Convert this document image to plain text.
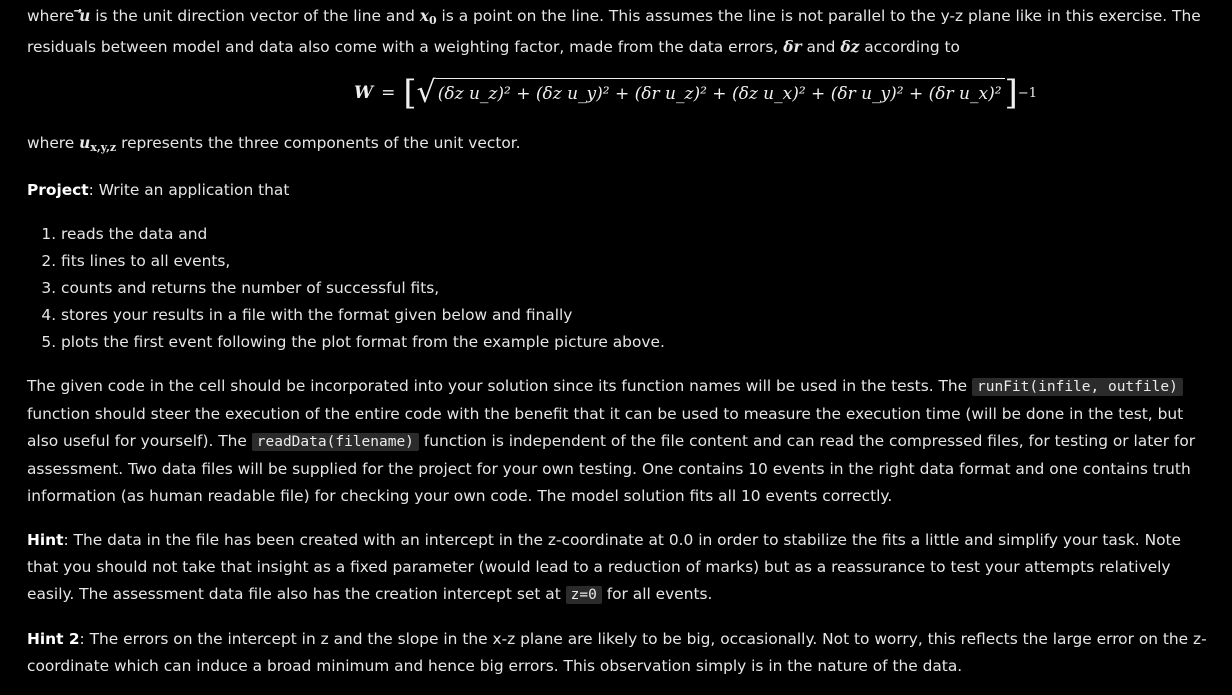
where u is the unit direction vector of the line and $x_0$ is a point on the line. This assumes the line is not parallel to the y-z plane like in this exercise. The

residuals between model and data also come with a weighting factor, made from the data errors, δr and δz according to

W = [ √ (δz u_z)² + (δz u_y)² + (δr u_z)² + (δz u_x)² + (δr u_y)² + (δr u_x)² ] −1

where $u_{x,y,z}$ represents the three components of the unit vector.

Project: Write an application that

1. reads the data and
2. fits lines to all events,
3. counts and returns the number of successful fits,
4. stores your results in a file with the format given below and finally
5. plots the first event following the plot format from the example picture above.

The given code in the cell should be incorporated into your solution since its function names will be used in the tests. The runFit(infile, outfile) function should steer the execution of the entire code with the benefit that it can be used to measure the execution time (will be done in the test, but also useful for yourself). The readData(filename) function is independent of the file content and can read the compressed files, for testing or later for assessment. Two data files will be supplied for the project for your own testing. One contains 10 events in the right data format and one contains truth information (as human readable file) for checking your own code. The model solution fits all 10 events correctly.

Hint: The data in the file has been created with an intercept in the z-coordinate at 0.0 in order to stabilize the fits a little and simplify your task. Note that you should not take that insight as a fixed parameter (would lead to a reduction of marks) but as a reassurance to test your attempts relatively easily. The assessment data file also has the creation intercept set at z=0 for all events.

Hint 2: The errors on the intercept in z and the slope in the x-z plane are likely to be big, occasionally. Not to worry, this reflects the large error on the z-coordinate which can induce a broad minimum and hence big errors. This observation simply is in the nature of the data.
